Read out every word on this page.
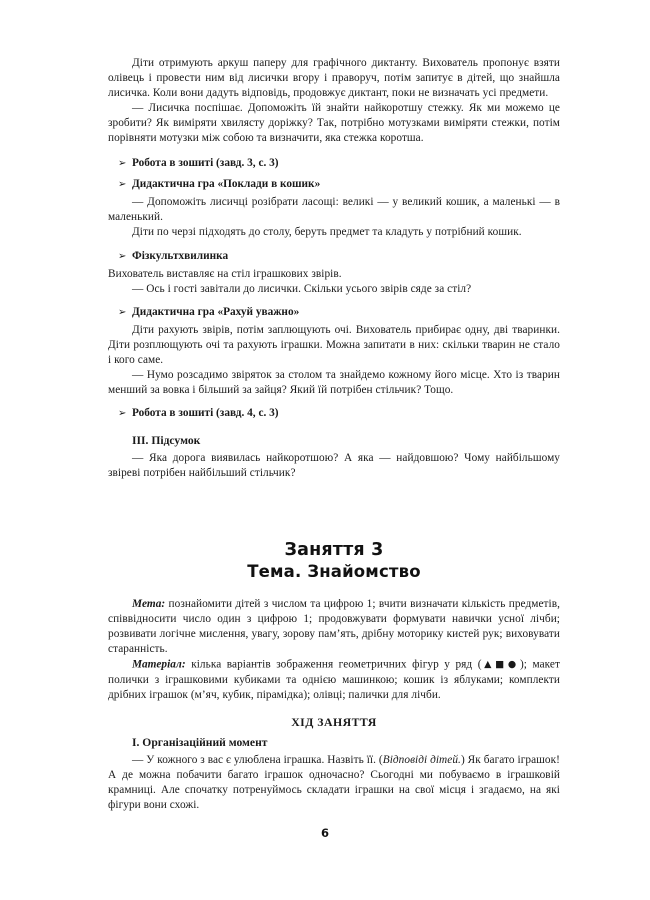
Діти отримують аркуш паперу для графічного диктанту. Вихователь пропонує взяти олівець і провести ним від лисички вгору і праворуч, потім запитує в дітей, що знайшла лисичка. Коли вони дадуть відповідь, продовжує диктант, поки не визначать усі предмети.

— Лисичка поспішає. Допоможіть їй знайти найкоротшу стежку. Як ми можемо це зробити? Як виміряти хвилясту доріжку? Так, потрібно мотузками виміряти стежки, потім порівняти мотузки між собою та визначити, яка стежка коротша.

➢ Робота в зошиті (завд. 3, с. 3)
➢ Дидактична гра «Поклади в кошик»

— Допоможіть лисичці розібрати ласощі: великі — у великий кошик, а маленькі — в маленький.

Діти по черзі підходять до столу, беруть предмет та кладуть у потрібний кошик.

➢ Фізкультхвилинка

Вихователь виставляє на стіл іграшкових звірів.

— Ось і гості завітали до лисички. Скільки усього звірів сяде за стіл?

➢ Дидактична гра «Рахуй уважно»

Діти рахують звірів, потім заплющують очі. Вихователь прибирає одну, дві тваринки. Діти розплющують очі та рахують іграшки. Можна запитати в них: скільки тварин не стало і кого саме.

— Нумо розсадимо звіряток за столом та знайдемо кожному його місце. Хто із тварин менший за вовка і більший за зайця? Який їй потрібен стільчик? Тощо.

➢ Робота в зошиті (завд. 4, с. 3)

III. Підсумок

— Яка дорога виявилась найкоротшою? А яка — найдовшою? Чому найбільшому звіреві потрібен найбільший стільчик?

Заняття 3
Тема. Знайомство

Мета: познайомити дітей з числом та цифрою 1; вчити визначати кількість предметів, співвідносити число один з цифрою 1; продовжувати формувати навички усної лічби; розвивати логічне мислення, увагу, зорову пам’ять, дрібну моторику кистей рук; виховувати старанність.

Матеріал: кілька варіантів зображення геометричних фігур у ряд (▲■●); макет полички з іграшковими кубиками та однією машинкою; кошик із яблуками; комплекти дрібних іграшок (м’яч, кубик, пірамідка); олівці; палички для лічби.

ХІД ЗАНЯТТЯ

I. Організаційний момент

— У кожного з вас є улюблена іграшка. Назвіть її. (Відповіді дітей.) Як багато іграшок! А де можна побачити багато іграшок одночасно? Сьогодні ми побуваємо в іграшковій крамниці. Але спочатку потренуймось складати іграшки на свої місця і згадаємо, на які фігури вони схожі.

6
